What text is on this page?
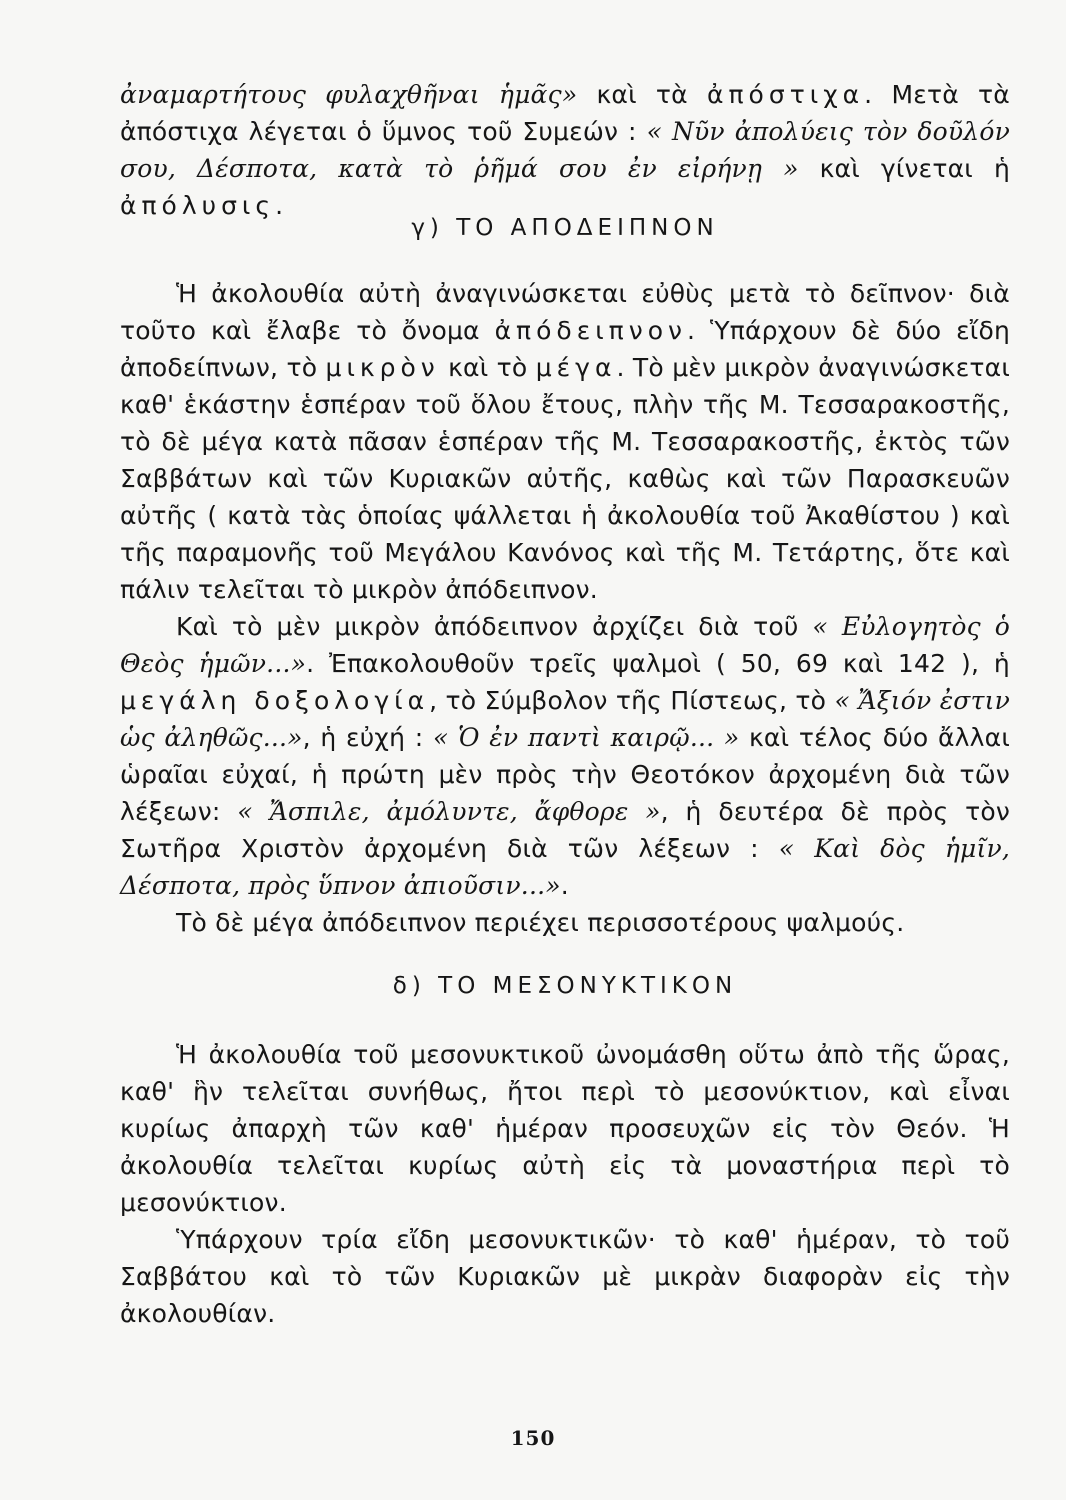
ἀναμαρτήτους φυλαχθῆναι ἡμᾶς» καὶ τὰ ἀπόστιχα. Μετὰ τὰ ἀπόστιχα λέγεται ὁ ὕμνος τοῦ Συμεών : « Νῦν ἀπολύεις τὸν δοῦλόν σου, Δέσποτα, κατὰ τὸ ῥῆμά σου ἐν εἰρήνῃ » καὶ γίνεται ἡ ἀπόλυσις.

γ) ΤΟ ΑΠΟΔΕΙΠΝΟΝ

Ἡ ἀκολουθία αὐτὴ ἀναγινώσκεται εὐθὺς μετὰ τὸ δεῖπνον· διὰ τοῦτο καὶ ἔλαβε τὸ ὄνομα ἀπόδειπνον. Ὑπάρχουν δὲ δύο εἴδη ἀποδείπνων, τὸ μικρὸν καὶ τὸ μέγα. Τὸ μὲν μικρὸν ἀναγινώσκεται καθ' ἑκάστην ἑσπέραν τοῦ ὅλου ἔτους, πλὴν τῆς Μ. Τεσσαρακοστῆς, τὸ δὲ μέγα κατὰ πᾶσαν ἑσπέραν τῆς Μ. Τεσσαρακοστῆς, ἐκτὸς τῶν Σαββάτων καὶ τῶν Κυριακῶν αὐτῆς, καθὼς καὶ τῶν Παρασκευῶν αὐτῆς ( κατὰ τὰς ὁποίας ψάλλεται ἡ ἀκολουθία τοῦ Ἀκαθίστου ) καὶ τῆς παραμονῆς τοῦ Μεγάλου Κανόνος καὶ τῆς Μ. Τετάρτης, ὅτε καὶ πάλιν τελεῖται τὸ μικρὸν ἀπόδειπνον.

Καὶ τὸ μὲν μικρὸν ἀπόδειπνον ἀρχίζει διὰ τοῦ « Εὐλογητὸς ὁ Θεὸς ἡμῶν...». Ἐπακολουθοῦν τρεῖς ψαλμοὶ ( 50, 69 καὶ 142 ), ἡ μεγάλη δοξολογία, τὸ Σύμβολον τῆς Πίστεως, τὸ « Ἄξιόν ἐστιν ὡς ἀληθῶς...», ἡ εὐχή : « Ὁ ἐν παντὶ καιρῷ... » καὶ τέλος δύο ἄλλαι ὡραῖαι εὐχαί, ἡ πρώτη μὲν πρὸς τὴν Θεοτόκον ἀρχομένη διὰ τῶν λέξεων: « Ἄσπιλε, ἀμόλυντε, ἄφθορε », ἡ δευτέρα δὲ πρὸς τὸν Σωτῆρα Χριστὸν ἀρχομένη διὰ τῶν λέξεων : « Καὶ δὸς ἡμῖν, Δέσποτα, πρὸς ὕπνον ἀπιοῦσιν...».

Τὸ δὲ μέγα ἀπόδειπνον περιέχει περισσοτέρους ψαλμούς.

δ) ΤΟ ΜΕΣΟΝΥΚΤΙΚΟΝ

Ἡ ἀκολουθία τοῦ μεσονυκτικοῦ ὠνομάσθη οὕτω ἀπὸ τῆς ὥρας, καθ' ἣν τελεῖται συνήθως, ἤτοι περὶ τὸ μεσονύκτιον, καὶ εἶναι κυρίως ἀπαρχὴ τῶν καθ' ἡμέραν προσευχῶν εἰς τὸν Θεόν. Ἡ ἀκολουθία τελεῖται κυρίως αὐτὴ εἰς τὰ μοναστήρια περὶ τὸ μεσονύκτιον.

Ὑπάρχουν τρία εἴδη μεσονυκτικῶν· τὸ καθ' ἡμέραν, τὸ τοῦ Σαββάτου καὶ τὸ τῶν Κυριακῶν μὲ μικρὰν διαφορὰν εἰς τὴν ἀκολουθίαν.

150
